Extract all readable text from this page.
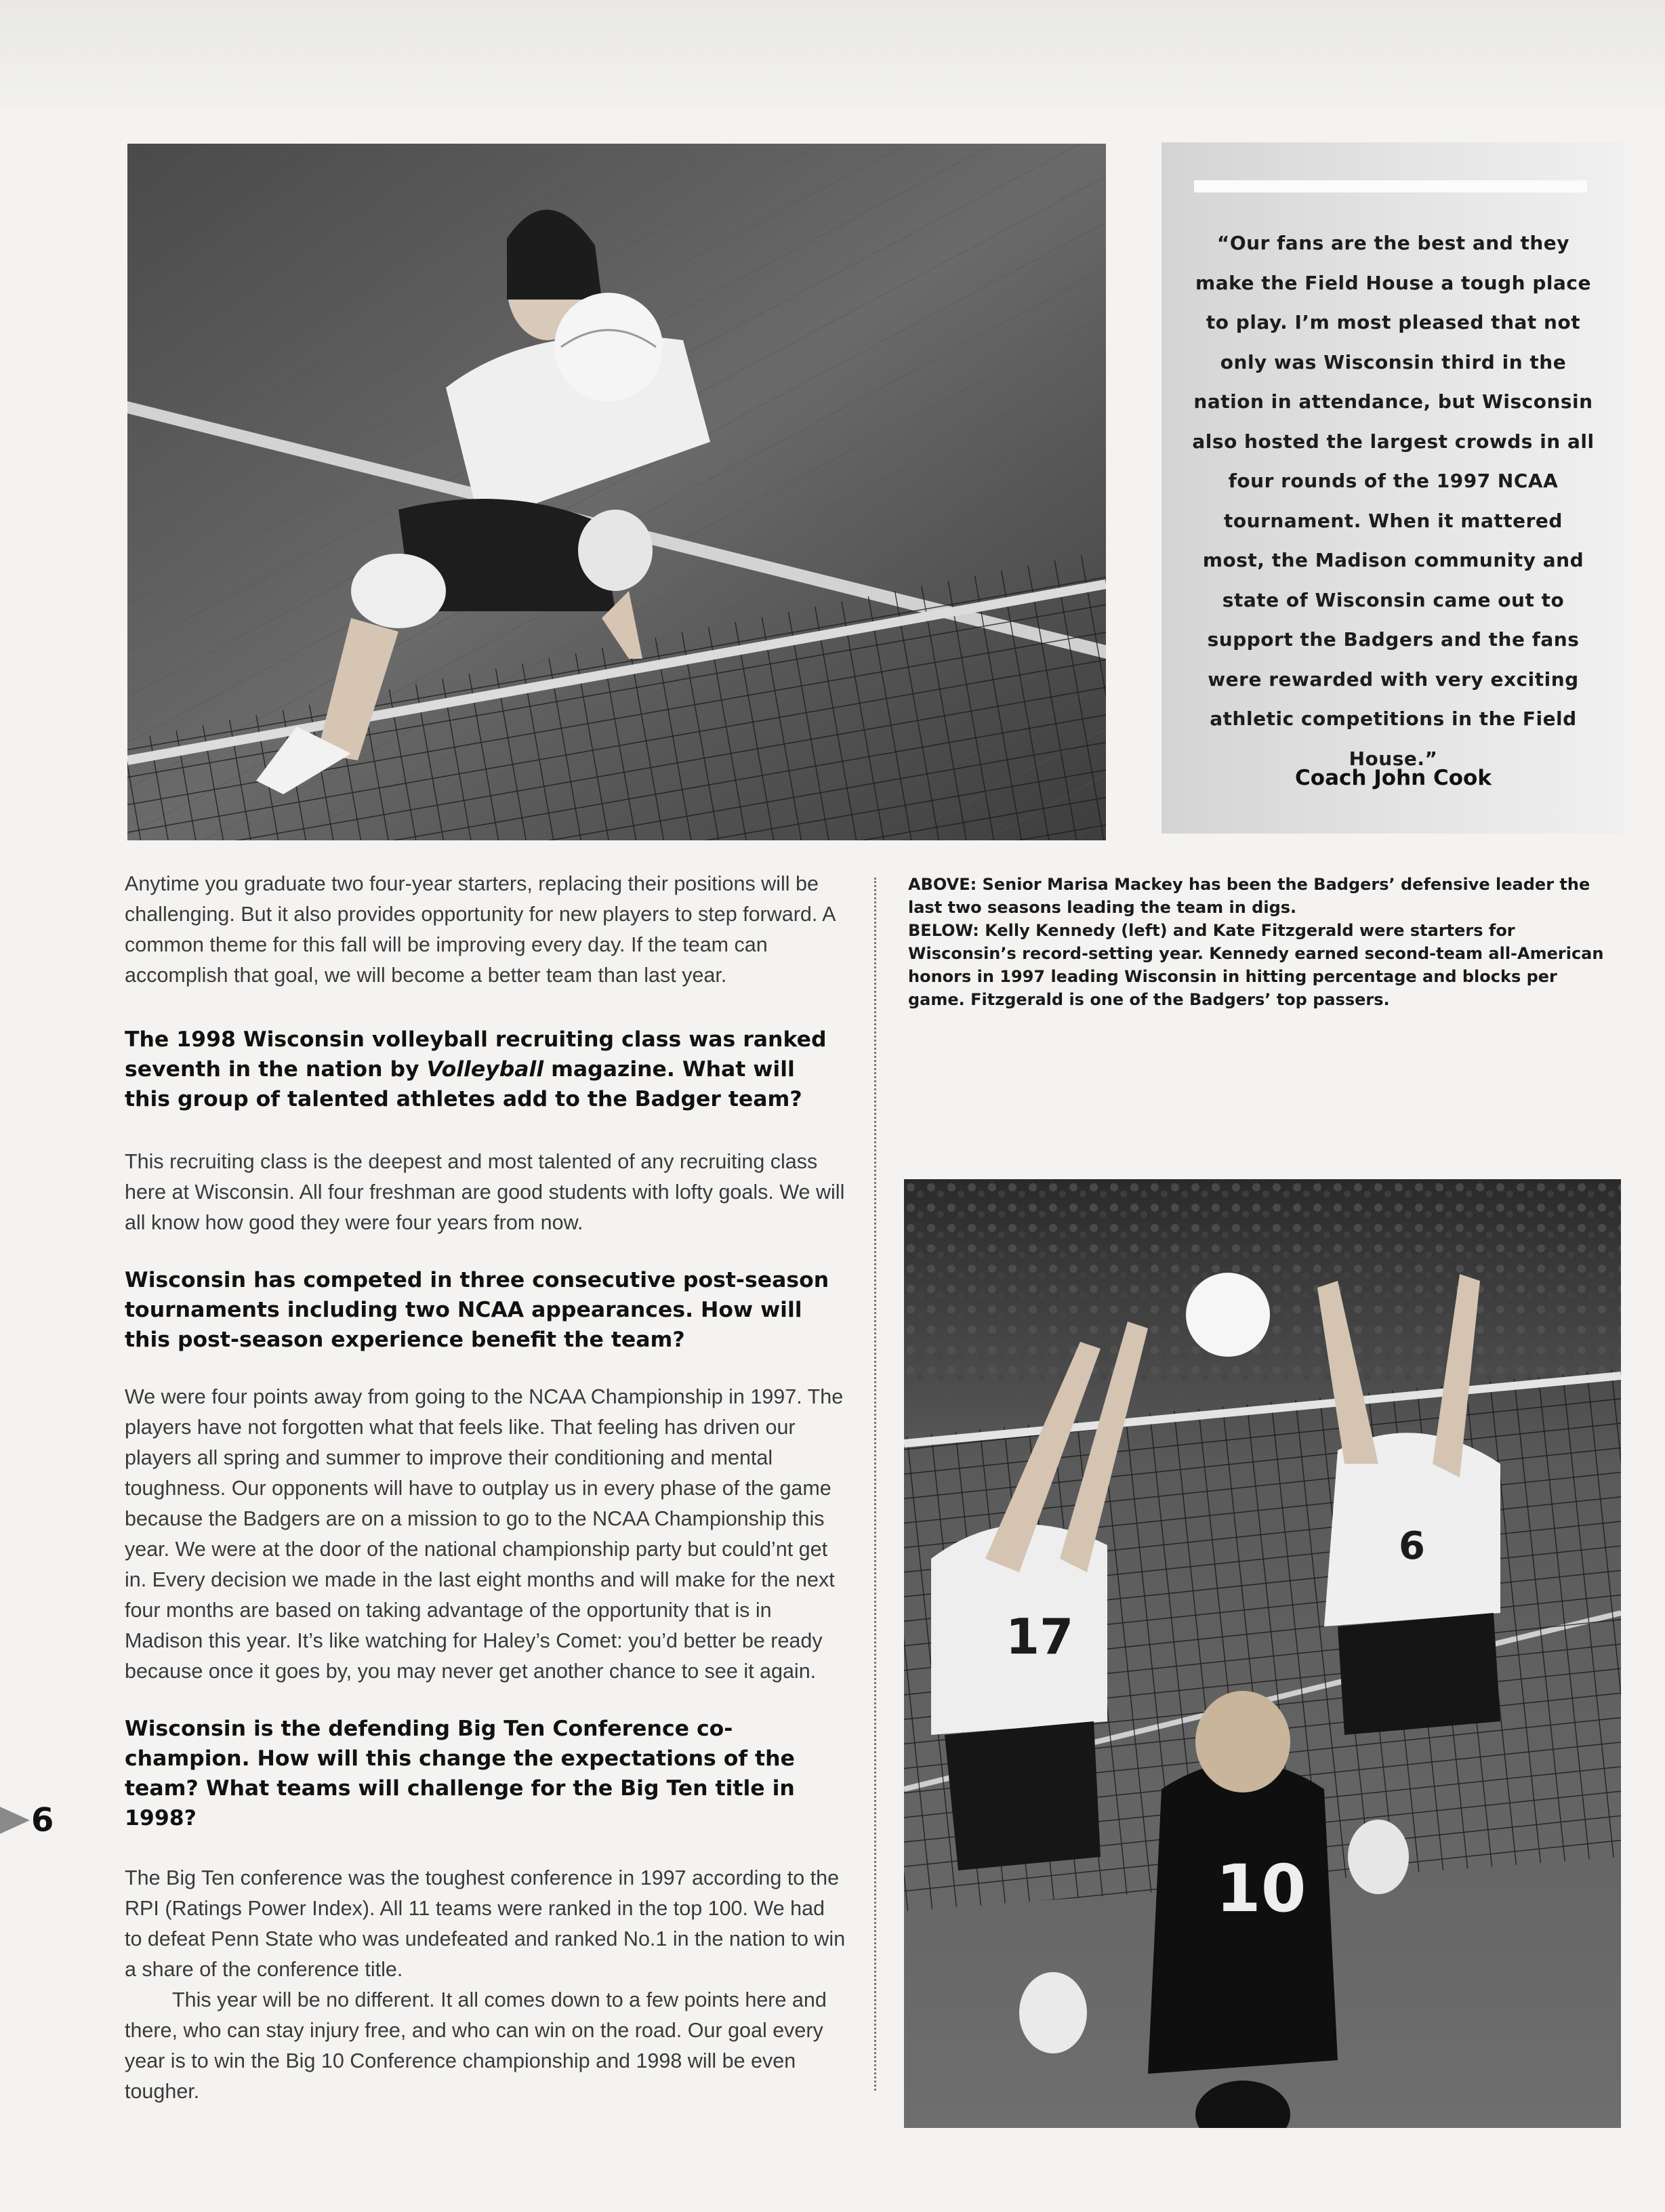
“Our fans are the best and they make the Field House a tough place to play. I’m most pleased that not only was Wisconsin third in the nation in attendance, but Wisconsin also hosted the largest crowds in all four rounds of the 1997 NCAA tournament. When it mattered most, the Madison community and state of Wisconsin came out to support the Badgers and the fans were rewarded with very exciting athletic competitions in the Field House.”
Coach John Cook

Anytime you graduate two four-year starters, replacing their positions will be challenging. But it also provides opportunity for new players to step forward. A common theme for this fall will be improving every day. If the team can accomplish that goal, we will become a better team than last year.

The 1998 Wisconsin volleyball recruiting class was ranked seventh in the nation by Volleyball magazine. What will this group of talented athletes add to the Badger team?

This recruiting class is the deepest and most talented of any recruiting class here at Wisconsin. All four freshman are good students with lofty goals. We will all know how good they were four years from now.

Wisconsin has competed in three consecutive post-season tournaments including two NCAA appearances. How will this post-season experience benefit the team?

We were four points away from going to the NCAA Championship in 1997. The players have not forgotten what that feels like. That feeling has driven our players all spring and summer to improve their conditioning and mental toughness. Our opponents will have to outplay us in every phase of the game because the Badgers are on a mission to go to the NCAA Championship this year. We were at the door of the national championship party but could’nt get in. Every decision we made in the last eight months and will make for the next four months are based on taking advantage of the opportunity that is in Madison this year. It’s like watching for Haley’s Comet: you’d better be ready because once it goes by, you may never get another chance to see it again.

Wisconsin is the defending Big Ten Conference co-champion. How will this change the expectations of the team? What teams will challenge for the Big Ten title in 1998?

The Big Ten conference was the toughest conference in 1997 according to the RPI (Ratings Power Index). All 11 teams were ranked in the top 100. We had to defeat Penn State who was undefeated and ranked No.1 in the nation to win a share of the conference title.

This year will be no different. It all comes down to a few points here and there, who can stay injury free, and who can win on the road. Our goal every year is to win the Big 10 Conference championship and 1998 will be even tougher.

ABOVE: Senior Marisa Mackey has been the Badgers’ defensive leader the last two seasons leading the team in digs.
BELOW: Kelly Kennedy (left) and Kate Fitzgerald were starters for Wisconsin’s record-setting year. Kennedy earned second-team all-American honors in 1997 leading Wisconsin in hitting percentage and blocks per game. Fitzgerald is one of the Badgers’ top passers.
17
6
10
6
